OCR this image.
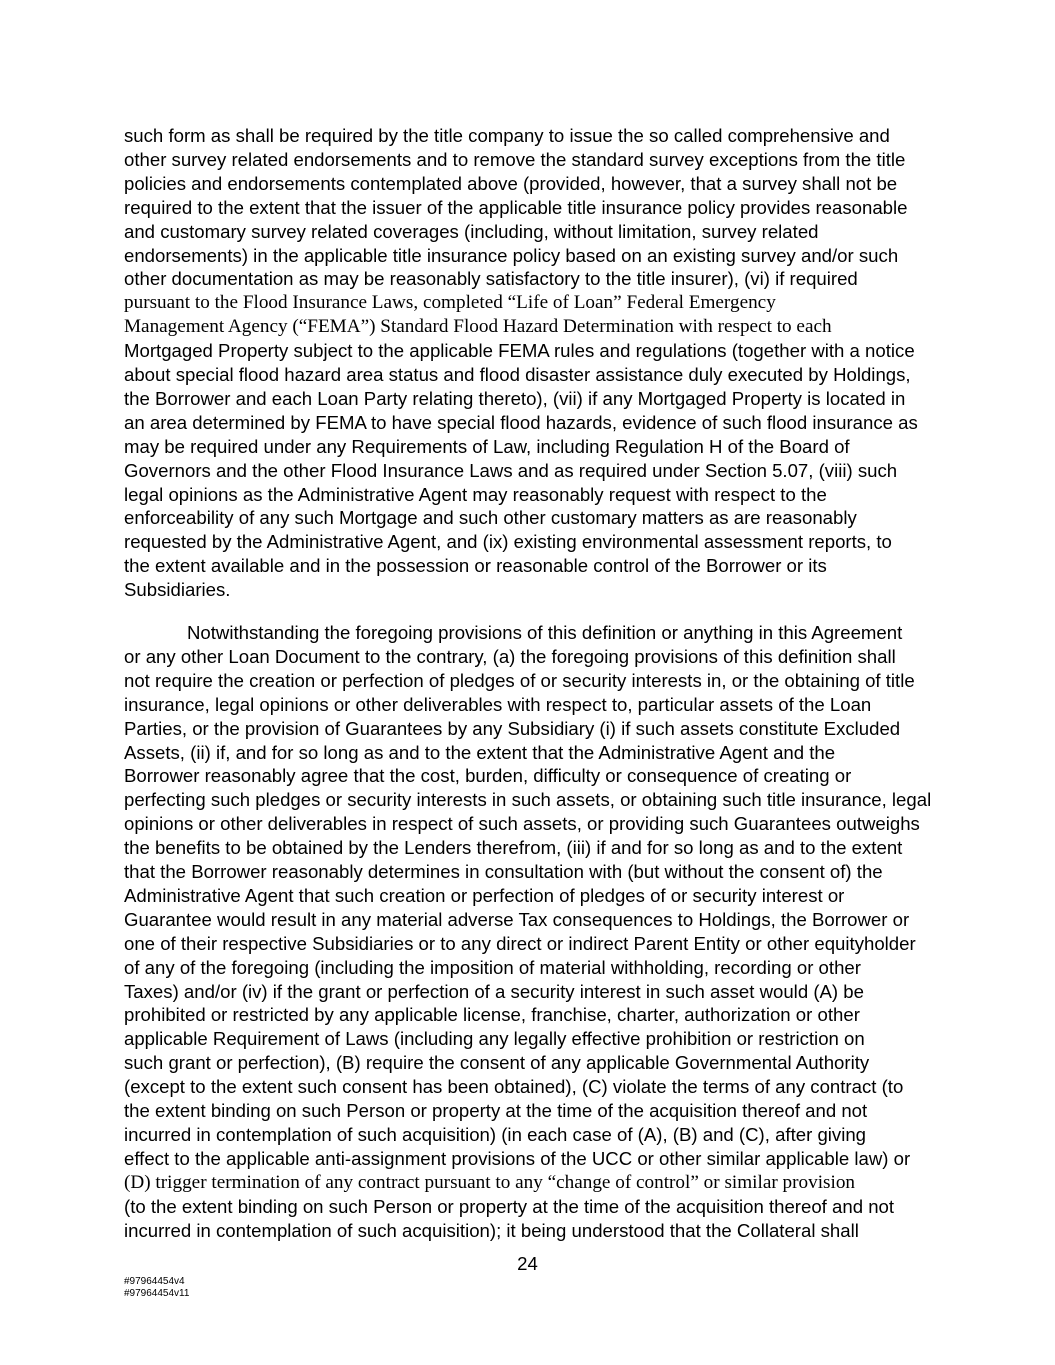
such form as shall be required by the title company to issue the so called comprehensive and
other survey related endorsements and to remove the standard survey exceptions from the title
policies and endorsements contemplated above (provided, however, that a survey shall not be
required to the extent that the issuer of the applicable title insurance policy provides reasonable
and customary survey related coverages (including, without limitation, survey related
endorsements) in the applicable title insurance policy based on an existing survey and/or such
other documentation as may be reasonably satisfactory to the title insurer), (vi) if required
pursuant to the Flood Insurance Laws, completed “Life of Loan” Federal Emergency
Management Agency (“FEMA”) Standard Flood Hazard Determination with respect to each
Mortgaged Property subject to the applicable FEMA rules and regulations (together with a notice
about special flood hazard area status and flood disaster assistance duly executed by Holdings,
the Borrower and each Loan Party relating thereto), (vii) if any Mortgaged Property is located in
an area determined by FEMA to have special flood hazards, evidence of such flood insurance as
may be required under any Requirements of Law, including Regulation H of the Board of
Governors and the other Flood Insurance Laws and as required under Section 5.07, (viii) such
legal opinions as the Administrative Agent may reasonably request with respect to the
enforceability of any such Mortgage and such other customary matters as are reasonably
requested by the Administrative Agent, and (ix) existing environmental assessment reports, to
the extent available and in the possession or reasonable control of the Borrower or its
Subsidiaries.
Notwithstanding the foregoing provisions of this definition or anything in this Agreement
or any other Loan Document to the contrary, (a) the foregoing provisions of this definition shall
not require the creation or perfection of pledges of or security interests in, or the obtaining of title
insurance, legal opinions or other deliverables with respect to, particular assets of the Loan
Parties, or the provision of Guarantees by any Subsidiary (i) if such assets constitute Excluded
Assets, (ii) if, and for so long as and to the extent that the Administrative Agent and the
Borrower reasonably agree that the cost, burden, difficulty or consequence of creating or
perfecting such pledges or security interests in such assets, or obtaining such title insurance, legal
opinions or other deliverables in respect of such assets, or providing such Guarantees outweighs
the benefits to be obtained by the Lenders therefrom, (iii) if and for so long as and to the extent
that the Borrower reasonably determines in consultation with (but without the consent of) the
Administrative Agent that such creation or perfection of pledges of or security interest or
Guarantee would result in any material adverse Tax consequences to Holdings, the Borrower or
one of their respective Subsidiaries or to any direct or indirect Parent Entity or other equityholder
of any of the foregoing (including the imposition of material withholding, recording or other
Taxes) and/or (iv) if the grant or perfection of a security interest in such asset would (A) be
prohibited or restricted by any applicable license, franchise, charter, authorization or other
applicable Requirement of Laws (including any legally effective prohibition or restriction on
such grant or perfection), (B) require the consent of any applicable Governmental Authority
(except to the extent such consent has been obtained), (C) violate the terms of any contract (to
the extent binding on such Person or property at the time of the acquisition thereof and not
incurred in contemplation of such acquisition) (in each case of (A), (B) and (C), after giving
effect to the applicable anti-assignment provisions of the UCC or other similar applicable law) or
(D) trigger termination of any contract pursuant to any “change of control” or similar provision
(to the extent binding on such Person or property at the time of the acquisition thereof and not
incurred in contemplation of such acquisition); it being understood that the Collateral shall
24
#97964454v4
#97964454v11
